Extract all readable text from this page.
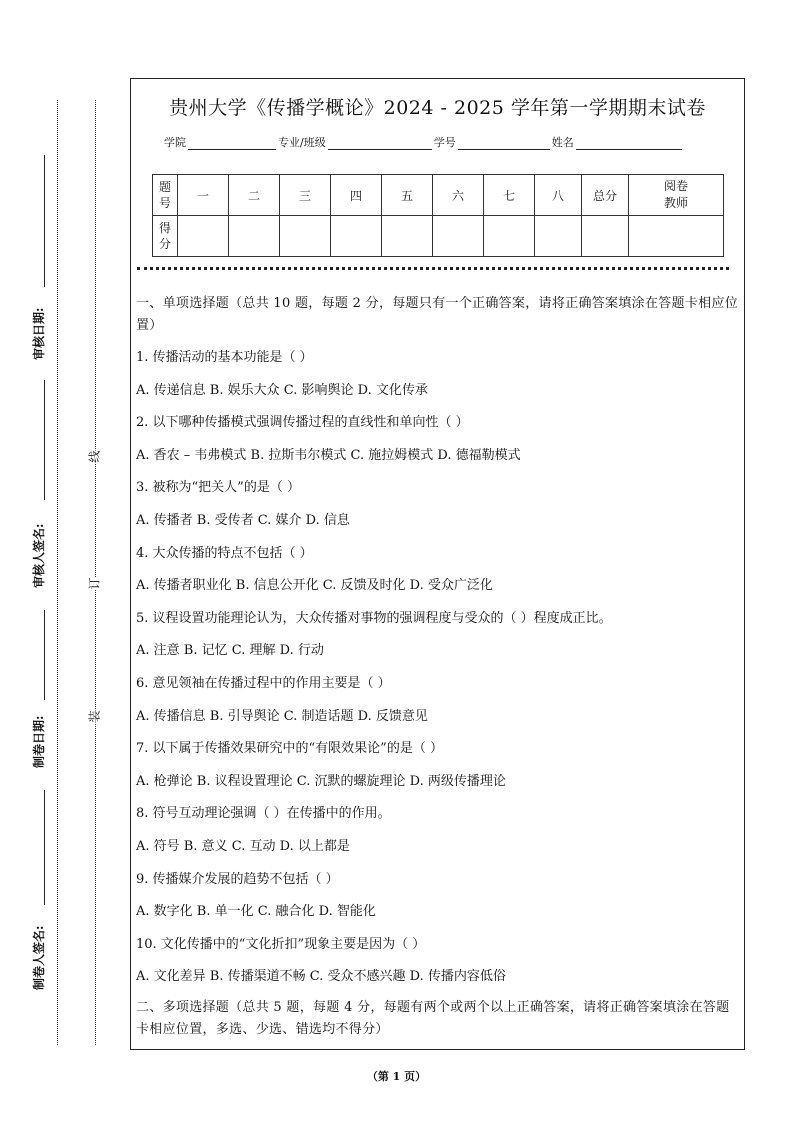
审核日期:
审核人签名:
制卷日期:
制卷人签名:
线
订
装
贵州大学《传播学概论》2024 - 2025 学年第一学期期末试卷
学院	专业/班级	学号	姓名
题
号	一	二	三	四	五	六	七	八	总分	阅卷
教师
得
分										
一、单项选择题（总共 10 题，每题 2 分，每题只有一个正确答案，请将正确答案填涂在答题卡相应位置）
1. 传播活动的基本功能是（ ）
A. 传递信息 B. 娱乐大众 C. 影响舆论 D. 文化传承
2. 以下哪种传播模式强调传播过程的直线性和单向性（ ）
A. 香农 – 韦弗模式 B. 拉斯韦尔模式 C. 施拉姆模式 D. 德福勒模式
3. 被称为“把关人”的是（ ）
A. 传播者 B. 受传者 C. 媒介 D. 信息
4. 大众传播的特点不包括（ ）
A. 传播者职业化 B. 信息公开化 C. 反馈及时化 D. 受众广泛化
5. 议程设置功能理论认为，大众传播对事物的强调程度与受众的（ ）程度成正比。
A. 注意 B. 记忆 C. 理解 D. 行动
6. 意见领袖在传播过程中的作用主要是（ ）
A. 传播信息 B. 引导舆论 C. 制造话题 D. 反馈意见
7. 以下属于传播效果研究中的“有限效果论”的是（ ）
A. 枪弹论 B. 议程设置理论 C. 沉默的螺旋理论 D. 两级传播理论
8. 符号互动理论强调（ ）在传播中的作用。
A. 符号 B. 意义 C. 互动 D. 以上都是
9. 传播媒介发展的趋势不包括（ ）
A. 数字化 B. 单一化 C. 融合化 D. 智能化
10. 文化传播中的“文化折扣”现象主要是因为（ ）
A. 文化差异 B. 传播渠道不畅 C. 受众不感兴趣 D. 传播内容低俗
二、多项选择题（总共 5 题，每题 4 分，每题有两个或两个以上正确答案，请将正确答案填涂在答题卡相应位置，多选、少选、错选均不得分）
（第 1 页）
